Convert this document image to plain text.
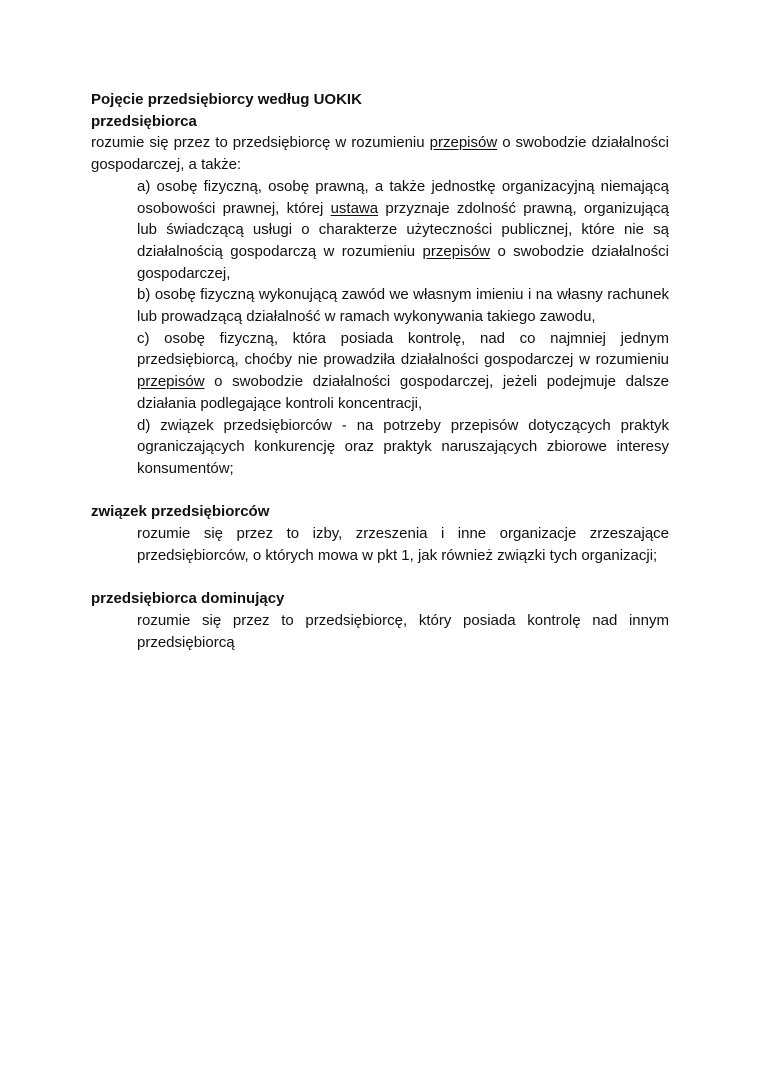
Pojęcie przedsiębiorcy według UOKIK

przedsiębiorca

rozumie się przez to przedsiębiorcę w rozumieniu przepisów o swobodzie działalności gospodarczej, a także:

a) osobę fizyczną, osobę prawną, a także jednostkę organizacyjną niemającą osobowości prawnej, której ustawa przyznaje zdolność prawną, organizującą lub świadczącą usługi o charakterze użyteczności publicznej, które nie są działalnością gospodarczą w rozumieniu przepisów o swobodzie działalności gospodarczej,

b) osobę fizyczną wykonującą zawód we własnym imieniu i na własny rachunek lub prowadzącą działalność w ramach wykonywania takiego zawodu,

c) osobę fizyczną, która posiada kontrolę, nad co najmniej jednym przedsiębiorcą, choćby nie prowadziła działalności gospodarczej w rozumieniu przepisów o swobodzie działalności gospodarczej, jeżeli podejmuje dalsze działania podlegające kontroli koncentracji,

d) związek przedsiębiorców - na potrzeby przepisów dotyczących praktyk ograniczających konkurencję oraz praktyk naruszających zbiorowe interesy konsumentów;

związek przedsiębiorców

rozumie się przez to izby, zrzeszenia i inne organizacje zrzeszające przedsiębiorców, o których mowa w pkt 1, jak również związki tych organizacji;

przedsiębiorca dominujący

rozumie się przez to przedsiębiorcę, który posiada kontrolę nad innym przedsiębiorcą
